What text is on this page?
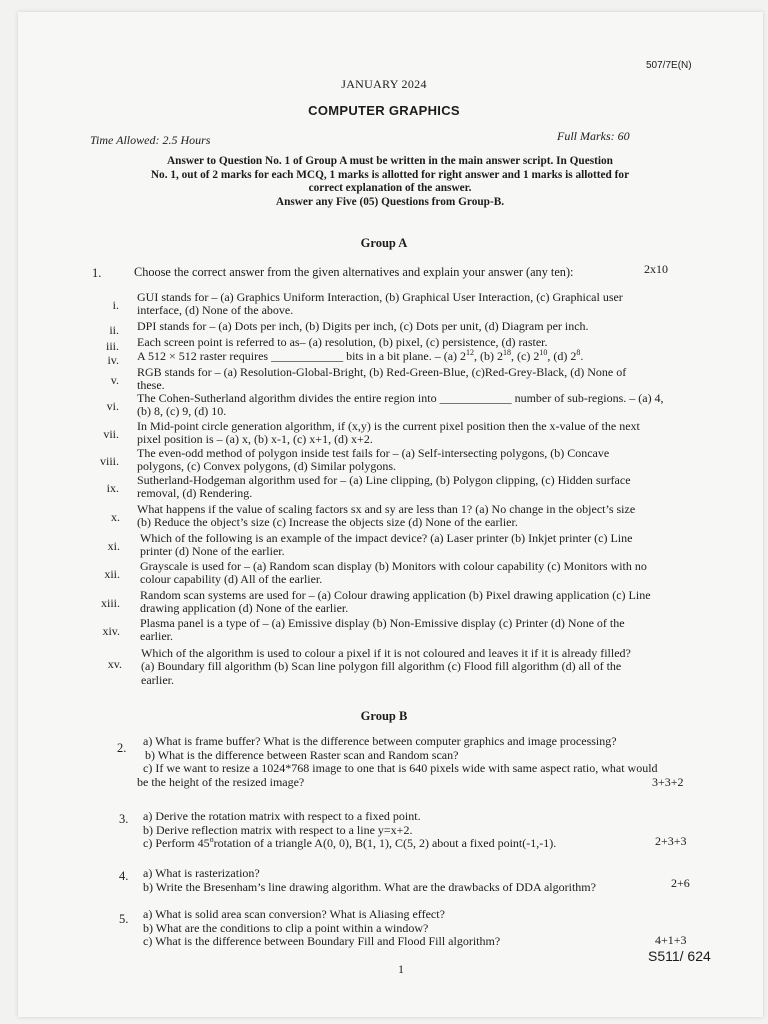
507/7E(N)
JANUARY 2024
COMPUTER GRAPHICS
Time Allowed: 2.5 Hours	Full Marks: 60
Answer to Question No. 1 of Group A must be written in the main answer script. In Question
No. 1, out of 2 marks for each MCQ, 1 marks is allotted for right answer and 1 marks is allotted for
correct explanation of the answer.
Answer any Five (05) Questions from Group-B.
Group A
1.	Choose the correct answer from the given alternatives and explain your answer (any ten):	2x10
i.
GUI stands for – (a) Graphics Uniform Interaction, (b) Graphical User Interaction, (c) Graphical user
interface, (d) None of the above.
ii. DPI stands for – (a) Dots per inch, (b) Digits per inch, (c) Dots per unit, (d) Diagram per inch.
iii. Each screen point is referred to as– (a) resolution, (b) pixel, (c) persistence, (d) raster.
v.
RGB stands for – (a) Resolution-Global-Bright, (b) Red-Green-Blue, (c)Red-Grey-Black, (d) None of
these.
vi.
The Cohen-Sutherland algorithm divides the entire region into ____________ number of sub-regions. – (a) 4,
(b) 8, (c) 9, (d) 10.
vii.
In Mid-point circle generation algorithm, if (x,y) is the current pixel position then the x-value of the next
pixel position is – (a) x, (b) x-1, (c) x+1, (d) x+2.
viii.
The even-odd method of polygon inside test fails for – (a) Self-intersecting polygons, (b) Concave
polygons, (c) Convex polygons, (d) Similar polygons.
ix.
Sutherland-Hodgeman algorithm used for – (a) Line clipping, (b) Polygon clipping, (c) Hidden surface
removal, (d) Rendering.
x.
What happens if the value of scaling factors sx and sy are less than 1? (a) No change in the object’s size
(b) Reduce the object’s size (c) Increase the objects size (d) None of the earlier.
xi.
Which of the following is an example of the impact device? (a) Laser printer (b) Inkjet printer (c) Line
printer (d) None of the earlier.
xii.
Grayscale is used for – (a) Random scan display (b) Monitors with colour capability (c) Monitors with no
colour capability (d) All of the earlier.
xiii.
Random scan systems are used for – (a) Colour drawing application (b) Pixel drawing application (c) Line
drawing application (d) None of the earlier.
xiv.
Plasma panel is a type of – (a) Emissive display (b) Non-Emissive display (c) Printer (d) None of the
earlier.
iv. A 512 × 512 raster requires ____________ bits in a bit plane. – (a) $2^{12}$, (b) $2^{18}$, (c) $2^{10}$, (d) $2^8$.
xv.
Which of the algorithm is used to colour a pixel if it is not coloured and leaves it if it is already filled?
(a) Boundary fill algorithm (b) Scan line polygon fill algorithm (c) Flood fill algorithm (d) all of the
earlier.
Group B
2. a) What is frame buffer? What is the difference between computer graphics and image processing?
b) What is the difference between Raster scan and Random scan?
c) If we want to resize a 1024*768 image to one that is 640 pixels wide with same aspect ratio, what would
be the height of the resized image?	3+3+2
3. a) Derive the rotation matrix with respect to a fixed point.
b) Derive reflection matrix with respect to a line y=x+2.
c) Perform 45$^o$rotation of a triangle A(0, 0), B(1, 1), C(5, 2) about a fixed point(-1,-1).	2+3+3
4. a) What is rasterization?
b) Write the Bresenham’s line drawing algorithm. What are the drawbacks of DDA algorithm?	2+6
5. a) What is solid area scan conversion? What is Aliasing effect?
b) What are the conditions to clip a point within a window?
c) What is the difference between Boundary Fill and Flood Fill algorithm?	4+1+3
S511/ 624
1
